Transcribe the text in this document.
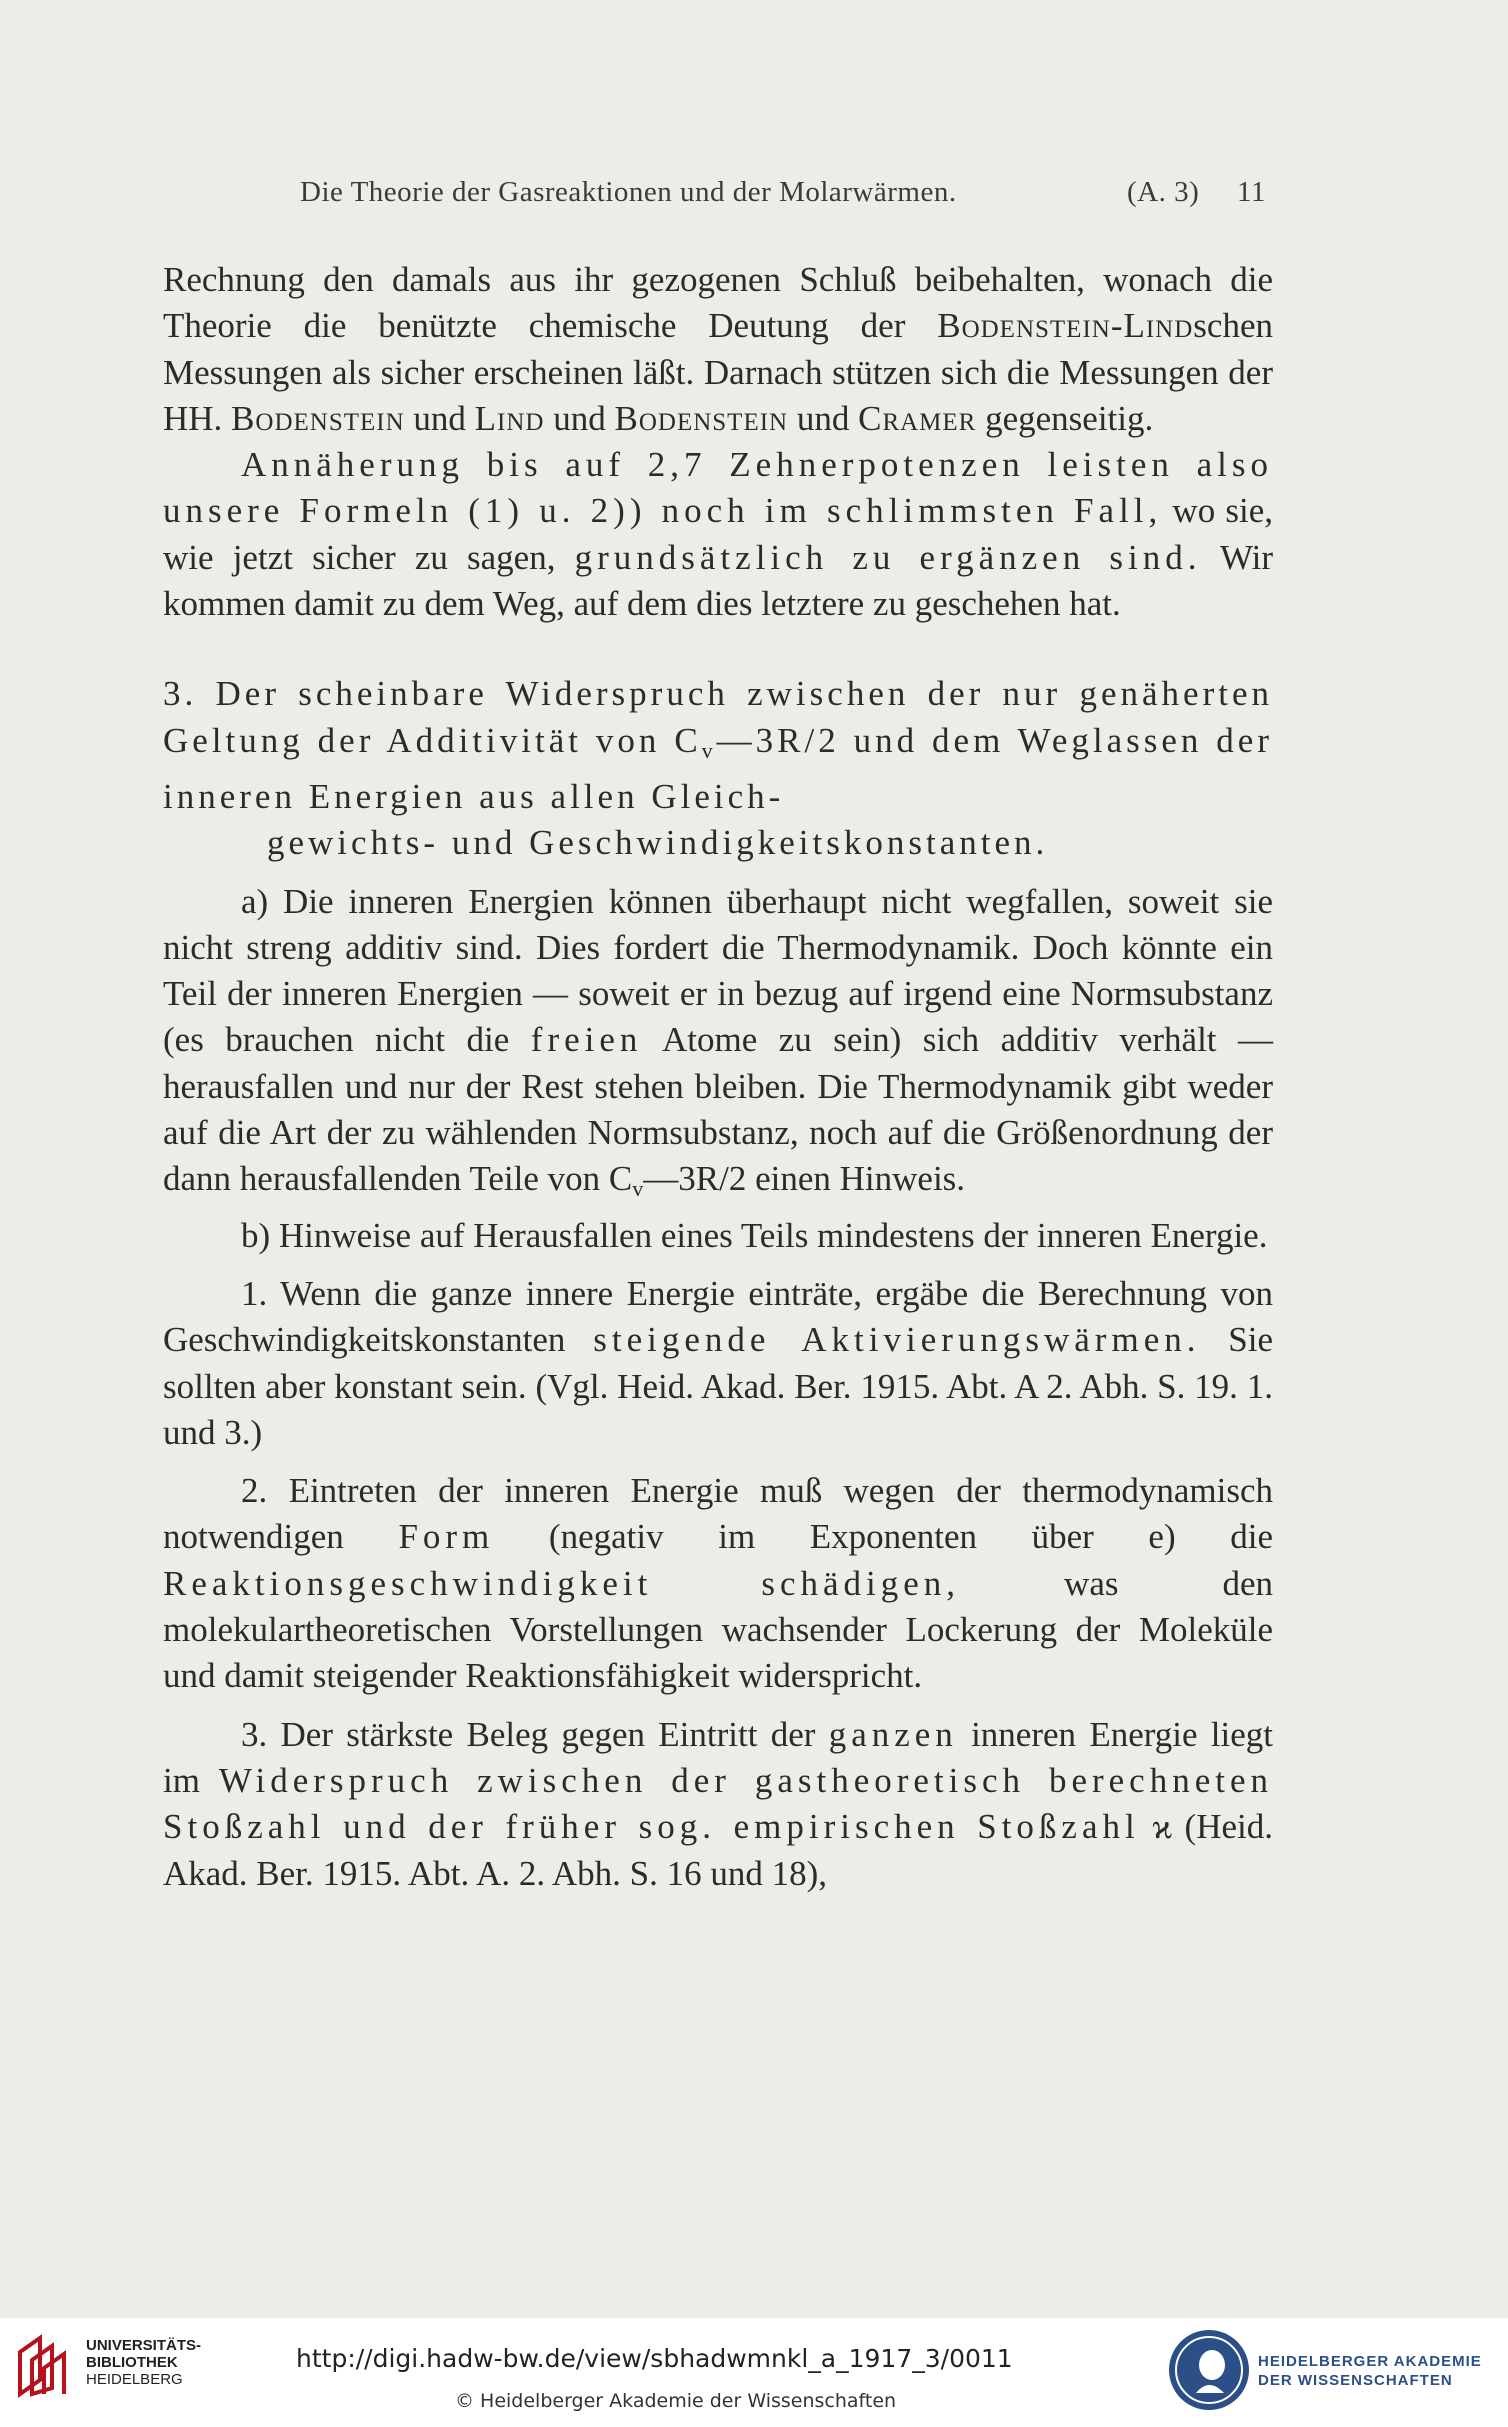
Die Theorie der Gasreaktionen und der Molarwärmen.	(A. 3) 11

Rechnung den damals aus ihr gezogenen Schluß beibehalten, wonach die Theorie die benützte chemische Deutung der Bodenstein-Lindschen Messungen als sicher erscheinen läßt. Darnach stützen sich die Messungen der HH. Bodenstein und Lind und Bodenstein und Cramer gegenseitig.

Annäherung bis auf 2,7 Zehnerpotenzen leisten also unsere Formeln (1) u. 2)) noch im schlimmsten Fall, wo sie, wie jetzt sicher zu sagen, grundsätzlich zu ergänzen sind. Wir kommen damit zu dem Weg, auf dem dies letztere zu geschehen hat.

3. Der scheinbare Widerspruch zwischen der nur genäherten Geltung der Additivität von $C_v—3R/2$ und dem Weglassen der inneren Energien aus allen Gleich-

gewichts- und Geschwindigkeitskonstanten.

a) Die inneren Energien können überhaupt nicht wegfallen, soweit sie nicht streng additiv sind. Dies fordert die Thermodynamik. Doch könnte ein Teil der inneren Energien — soweit er in bezug auf irgend eine Normsubstanz (es brauchen nicht die freien Atome zu sein) sich additiv verhält — herausfallen und nur der Rest stehen bleiben. Die Thermodynamik gibt weder auf die Art der zu wählenden Normsubstanz, noch auf die Größenordnung der dann herausfallenden Teile von $C_v—3R/2$ einen Hinweis.

b) Hinweise auf Herausfallen eines Teils mindestens der inneren Energie.

1. Wenn die ganze innere Energie einträte, ergäbe die Berechnung von Geschwindigkeitskonstanten steigende Aktivierungswärmen. Sie sollten aber konstant sein. (Vgl. Heid. Akad. Ber. 1915. Abt. A 2. Abh. S. 19. 1. und 3.)

2. Eintreten der inneren Energie muß wegen der thermodynamisch notwendigen Form (negativ im Exponenten über e) die Reaktionsgeschwindigkeit schädigen, was den molekulartheoretischen Vorstellungen wachsender Lockerung der Moleküle und damit steigender Reaktionsfähigkeit widerspricht.

3. Der stärkste Beleg gegen Eintritt der ganzen inneren Energie liegt im Widerspruch zwischen der gastheoretisch berechneten Stoßzahl und der früher sog. empirischen Stoßzahl ϰ (Heid. Akad. Ber. 1915. Abt. A. 2. Abh. S. 16 und 18),

UNIVERSITÄTS-
BIBLIOTHEK
HEIDELBERG
http://digi.hadw-bw.de/view/sbhadwmnkl_a_1917_3/0011
© Heidelberger Akademie der Wissenschaften
HEIDELBERGER AKADEMIE
DER WISSENSCHAFTEN
